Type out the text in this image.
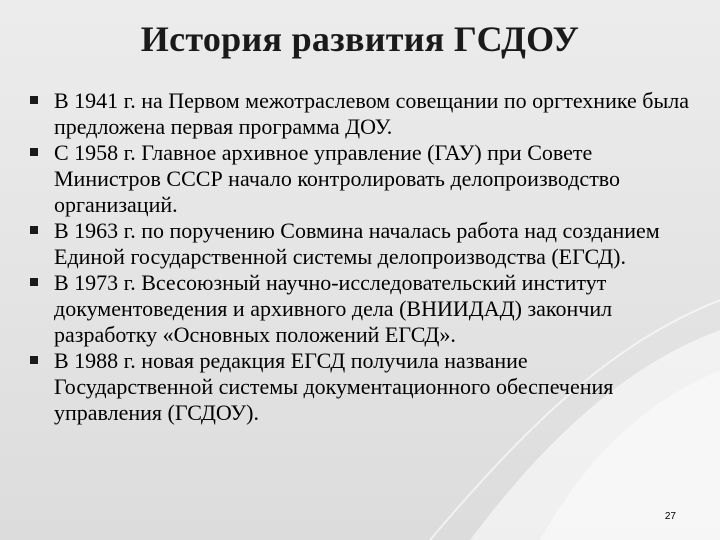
История развития ГСДОУ
В 1941 г. на Первом межотраслевом совещании по оргтехнике была предложена первая программа ДОУ.
С 1958 г. Главное архивное управление (ГАУ) при Совете Министров СССР начало контролировать делопроизводство организаций.
В 1963 г. по поручению Совмина началась работа над созданием Единой государственной системы делопроизводства (ЕГСД).
В 1973 г. Всесоюзный научно-исследовательский институт документоведения и архивного дела (ВНИИДАД) закончил разработку «Основных положений ЕГСД».
В 1988 г. новая редакция ЕГСД получила название Государственной системы документационного обеспечения управления (ГСДОУ).
27
